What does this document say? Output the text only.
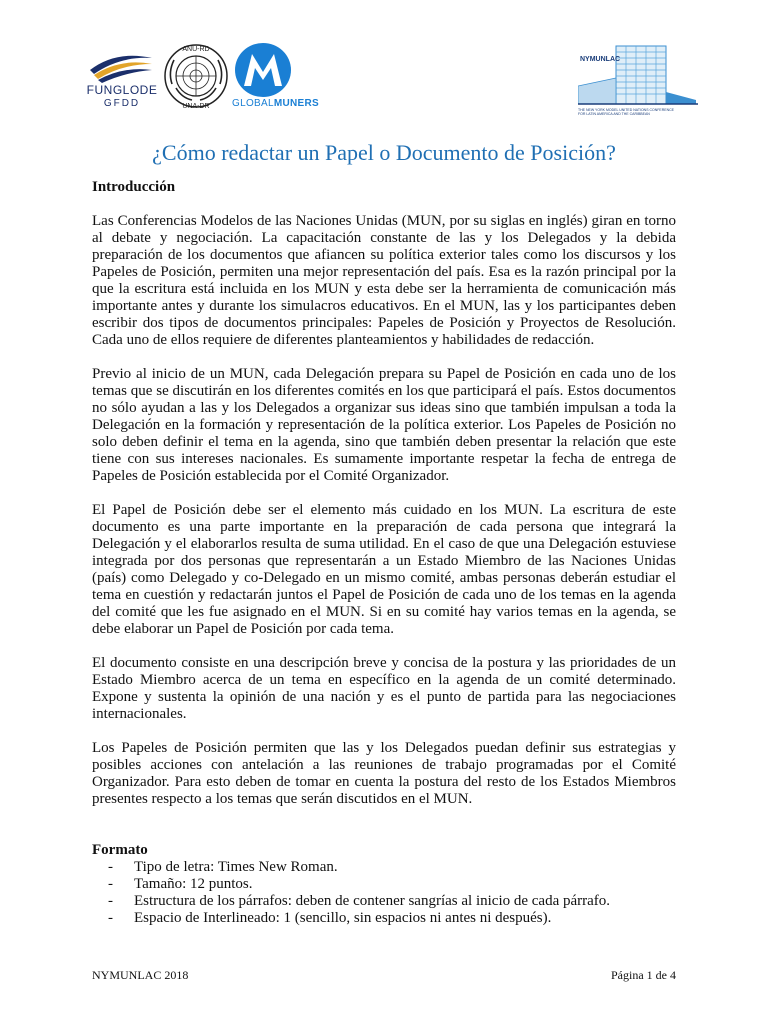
FUNGLODE
GFDD
ANU-RD
UNA-DR GLOBALMUNERS
NYMUNLAC
THE NEW YORK MODEL UNITED NATIONS CONFERENCE FOR LATIN AMERICA AND THE CARIBBEAN
¿Cómo redactar un Papel o Documento de Posición?

Introducción

Las Conferencias Modelos de las Naciones Unidas (MUN, por su siglas en inglés) giran en torno al debate y negociación. La capacitación constante de las y los Delegados y la debida preparación de los documentos que afiancen su política exterior tales como los discursos y los Papeles de Posición, permiten una mejor representación del país. Esa es la razón principal por la que la escritura está incluida en los MUN y esta debe ser la herramienta de comunicación más importante antes y durante los simulacros educativos. En el MUN, las y los participantes deben escribir dos tipos de documentos principales: Papeles de Posición y Proyectos de Resolución. Cada uno de ellos requiere de diferentes planteamientos y habilidades de redacción.

Previo al inicio de un MUN, cada Delegación prepara su Papel de Posición en cada uno de los temas que se discutirán en los diferentes comités en los que participará el país. Estos documentos no sólo ayudan a las y los Delegados a organizar sus ideas sino que también impulsan a toda la Delegación en la formación y representación de la política exterior. Los Papeles de Posición no solo deben definir el tema en la agenda, sino que también deben presentar la relación que este tiene con sus intereses nacionales. Es sumamente importante respetar la fecha de entrega de Papeles de Posición establecida por el Comité Organizador.

El Papel de Posición debe ser el elemento más cuidado en los MUN. La escritura de este documento es una parte importante en la preparación de cada persona que integrará la Delegación y el elaborarlos resulta de suma utilidad. En el caso de que una Delegación estuviese integrada por dos personas que representarán a un Estado Miembro de las Naciones Unidas (país) como Delegado y co-Delegado en un mismo comité, ambas personas deberán estudiar el tema en cuestión y redactarán juntos el Papel de Posición de cada uno de los temas en la agenda del comité que les fue asignado en el MUN. Si en su comité hay varios temas en la agenda, se debe elaborar un Papel de Posición por cada tema.

El documento consiste en una descripción breve y concisa de la postura y las prioridades de un Estado Miembro acerca de un tema en específico en la agenda de un comité determinado. Expone y sustenta la opinión de una nación y es el punto de partida para las negociaciones internacionales.

Los Papeles de Posición permiten que las y los Delegados puedan definir sus estrategias y posibles acciones con antelación a las reuniones de trabajo programadas por el Comité Organizador. Para esto deben de tomar en cuenta la postura del resto de los Estados Miembros presentes respecto a los temas que serán discutidos en el MUN.

Formato

- Tipo de letra: Times New Roman.
- Tamaño: 12 puntos.
- Estructura de los párrafos: deben de contener sangrías al inicio de cada párrafo.
- Espacio de Interlineado: 1 (sencillo, sin espacios ni antes ni después).
NYMUNLAC 2018	Página 1 de 4
